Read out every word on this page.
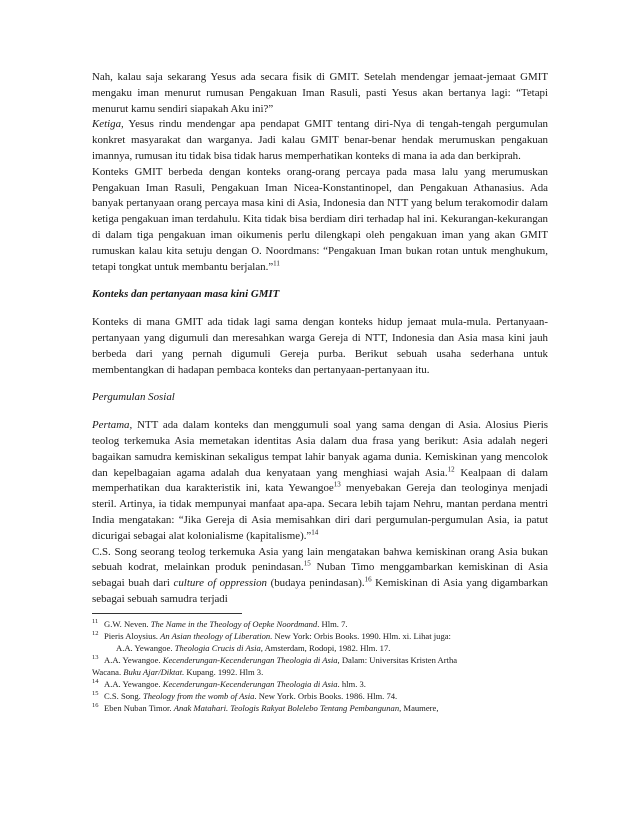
Nah, kalau saja sekarang Yesus ada secara fisik di GMIT. Setelah mendengar jemaat-jemaat GMIT mengaku iman menurut rumusan Pengakuan Iman Rasuli, pasti Yesus akan bertanya lagi: “Tetapi menurut kamu sendiri siapakah Aku ini?”

Ketiga, Yesus rindu mendengar apa pendapat GMIT tentang diri-Nya di tengah-tengah pergumulan konkret masyarakat dan warganya. Jadi kalau GMIT benar-benar hendak merumuskan pengakuan imannya, rumusan itu tidak bisa tidak harus memperhatikan konteks di mana ia ada dan berkiprah.

Konteks GMIT berbeda dengan konteks orang-orang percaya pada masa lalu yang merumuskan Pengakuan Iman Rasuli, Pengakuan Iman Nicea-Konstantinopel, dan Pengakuan Athanasius. Ada banyak pertanyaan orang percaya masa kini di Asia, Indonesia dan NTT yang belum terakomodir dalam ketiga pengakuan iman terdahulu. Kita tidak bisa berdiam diri terhadap hal ini. Kekurangan-kekurangan di dalam tiga pengakuan iman oikumenis perlu dilengkapi oleh pengakuan iman yang akan GMIT rumuskan kalau kita setuju dengan O. Noordmans: “Pengakuan Iman bukan rotan untuk menghukum, tetapi tongkat untuk membantu berjalan.”$^{11}$

Konteks dan pertanyaan masa kini GMIT

Konteks di mana GMIT ada tidak lagi sama dengan konteks hidup jemaat mula-mula. Pertanyaan-pertanyaan yang digumuli dan meresahkan warga Gereja di NTT, Indonesia dan Asia masa kini jauh berbeda dari yang pernah digumuli Gereja purba. Berikut sebuah usaha sederhana untuk membentangkan di hadapan pembaca konteks dan pertanyaan-pertanyaan itu.

Pergumulan Sosial

Pertama, NTT ada dalam konteks dan menggumuli soal yang sama dengan di Asia. Alosius Pieris teolog terkemuka Asia memetakan identitas Asia dalam dua frasa yang berikut: Asia adalah negeri bagaikan samudra kemiskinan sekaligus tempat lahir banyak agama dunia. Kemiskinan yang mencolok dan kepelbagaian agama adalah dua kenyataan yang menghiasi wajah Asia.$^{12}$ Kealpaan di dalam memperhatikan dua karakteristik ini, kata Yewangoe$^{13}$ menyebakan Gereja dan teologinya menjadi steril. Artinya, ia tidak mempunyai manfaat apa-apa. Secara lebih tajam Nehru, mantan perdana mentri India mengatakan: “Jika Gereja di Asia memisahkan diri dari pergumulan-pergumulan Asia, ia patut dicurigai sebagai alat kolonialisme (kapitalisme).”$^{14}$

C.S. Song seorang teolog terkemuka Asia yang lain mengatakan bahwa kemiskinan orang Asia bukan sebuah kodrat, melainkan produk penindasan.$^{15}$ Nuban Timo menggambarkan kemiskinan di Asia sebagai buah dari culture of oppression (budaya penindasan).$^{16}$ Kemiskinan di Asia yang digambarkan sebagai sebuah samudra terjadi

11 G.W. Neven. The Name in the Theology of Oepke Noordmand. Hlm. 7.

12 Pieris Aloysius. An Asian theology of Liberation. New York: Orbis Books. 1990. Hlm. xi. Lihat juga:
A.A. Yewangoe. Theologia Crucis di Asia, Amsterdam, Rodopi, 1982. Hlm. 17.

13 A.A. Yewangoe. Kecenderungan-Kecenderungan Theologia di Asia, Dalam: Universitas Kristen Artha

Wacana. Buku Ajar/Diktat. Kupang. 1992. Hlm 3.

14 A.A. Yewangoe. Kecenderungan-Kecenderungan Theologia di Asia. hlm. 3.

15 C.S. Song. Theology from the womb of Asia. New York. Orbis Books. 1986. Hlm. 74.

16 Eben Nuban Timor. Anak Matahari. Teologis Rakyat Bolelebo Tentang Pembangunan, Maumere,
